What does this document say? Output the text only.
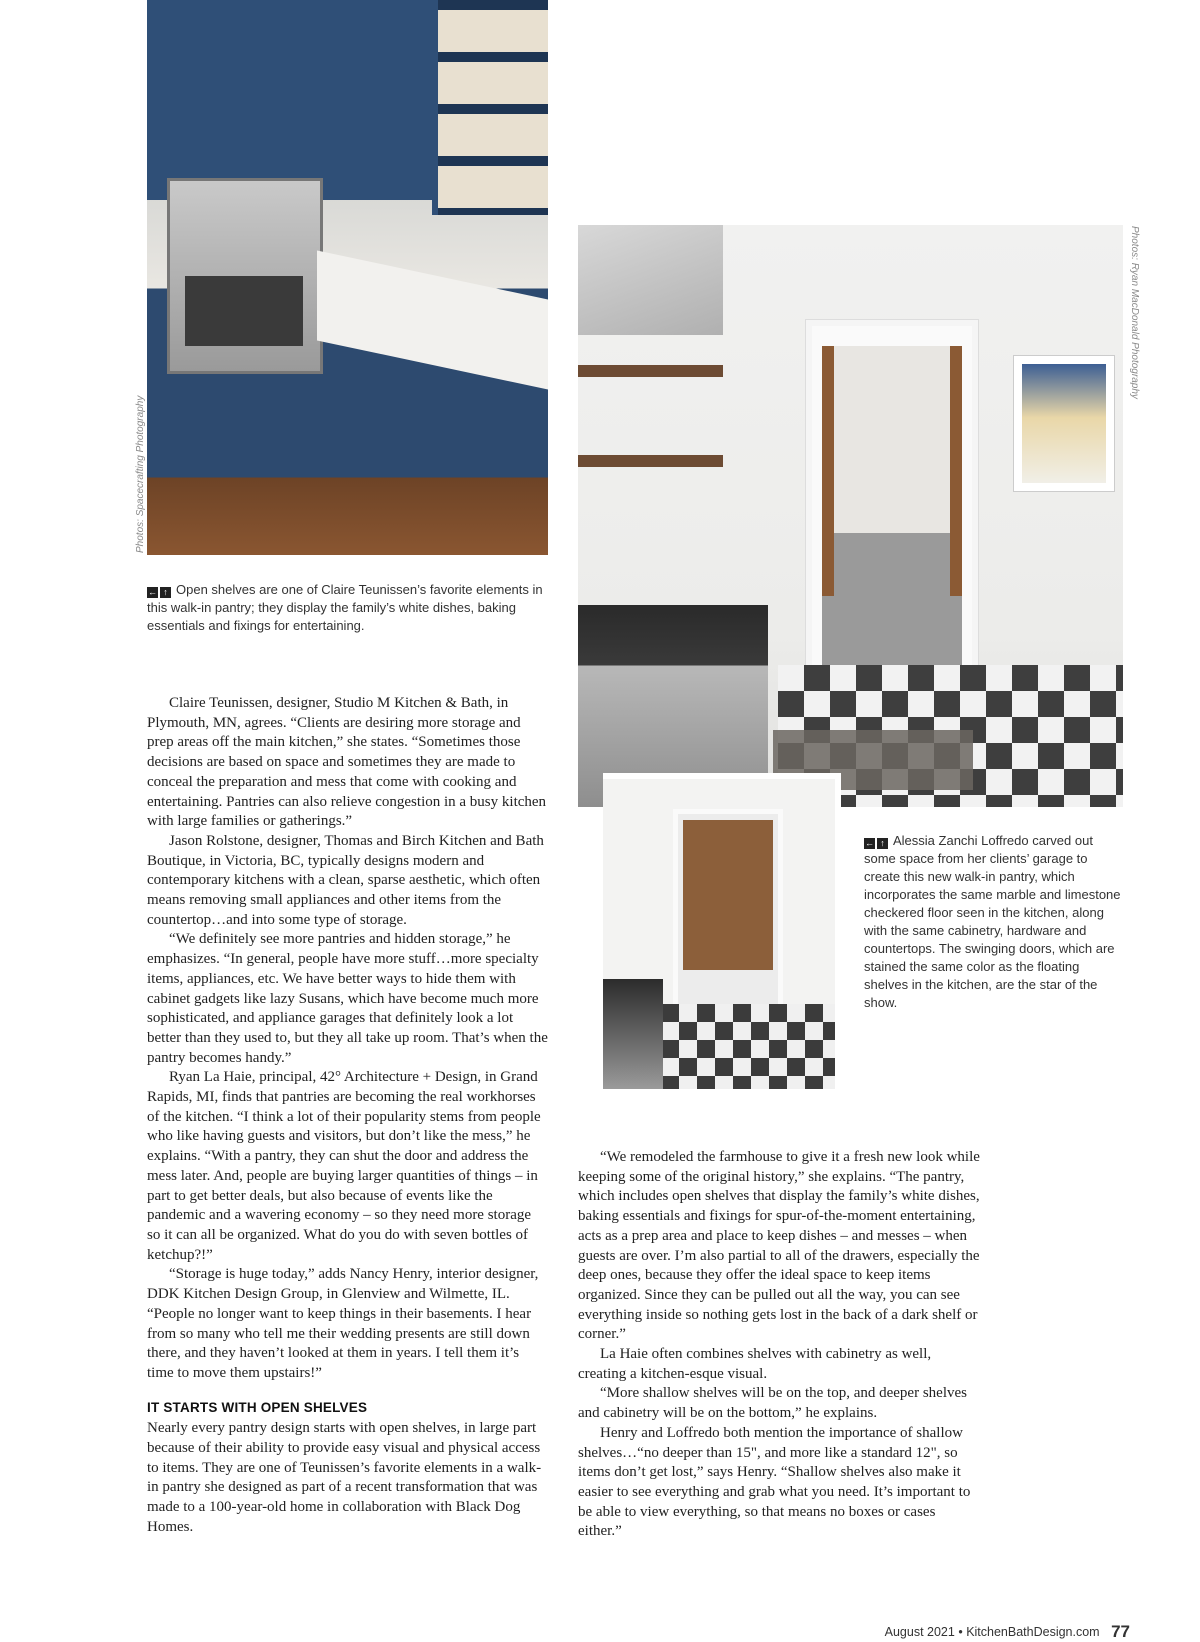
Photos: Spacecrafting Photography
Photos: Ryan MacDonald Photography
← ↑ Open shelves are one of Claire Teunissen’s favorite elements in this walk-in pantry; they display the family’s white dishes, baking essentials and fixings for entertaining.
← ↑ Alessia Zanchi Loffredo carved out some space from her clients’ garage to create this new walk-in pantry, which incorporates the same marble and limestone checkered floor seen in the kitchen, along with the same cabinetry, hardware and countertops. The swinging doors, which are stained the same color as the floating shelves in the kitchen, are the star of the show.

Claire Teunissen, designer, Studio M Kitchen & Bath, in Plymouth, MN, agrees. “Clients are desiring more storage and prep areas off the main kitchen,” she states. “Sometimes those decisions are based on space and sometimes they are made to conceal the preparation and mess that come with cooking and entertaining. Pantries can also relieve congestion in a busy kitchen with large families or gatherings.”

Jason Rolstone, designer, Thomas and Birch Kitchen and Bath Boutique, in Victoria, BC, typically designs modern and contemporary kitchens with a clean, sparse aesthetic, which often means removing small appliances and other items from the countertop…and into some type of storage.

“We definitely see more pantries and hidden storage,” he emphasizes. “In general, people have more stuff…more specialty items, appliances, etc. We have better ways to hide them with cabinet gadgets like lazy Susans, which have become much more sophisticated, and appliance garages that definitely look a lot better than they used to, but they all take up room. That’s when the pantry becomes handy.”

Ryan La Haie, principal, 42° Architecture + Design, in Grand Rapids, MI, finds that pantries are becoming the real workhorses of the kitchen. “I think a lot of their popularity stems from people who like having guests and visitors, but don’t like the mess,” he explains. “With a pantry, they can shut the door and address the mess later. And, people are buying larger quantities of things – in part to get better deals, but also because of events like the pandemic and a wavering economy – so they need more storage so it can all be organized. What do you do with seven bottles of ketchup?!”

“Storage is huge today,” adds Nancy Henry, interior designer, DDK Kitchen Design Group, in Glenview and Wilmette, IL. “People no longer want to keep things in their basements. I hear from so many who tell me their wedding presents are still down there, and they haven’t looked at them in years. I tell them it’s time to move them upstairs!”

IT STARTS WITH OPEN SHELVES

Nearly every pantry design starts with open shelves, in large part because of their ability to provide easy visual and physical access to items. They are one of Teunissen’s favorite elements in a walk-in pantry she designed as part of a recent transformation that was made to a 100-year-old home in collaboration with Black Dog Homes.

“We remodeled the farmhouse to give it a fresh new look while keeping some of the original history,” she explains. “The pantry, which includes open shelves that display the family’s white dishes, baking essentials and fixings for spur-of-the-moment entertaining, acts as a prep area and place to keep dishes – and messes – when guests are over. I’m also partial to all of the drawers, especially the deep ones, because they offer the ideal space to keep items organized. Since they can be pulled out all the way, you can see everything inside so nothing gets lost in the back of a dark shelf or corner.”

La Haie often combines shelves with cabinetry as well, creating a kitchen-esque visual.

“More shallow shelves will be on the top, and deeper shelves and cabinetry will be on the bottom,” he explains.

Henry and Loffredo both mention the importance of shallow shelves…“no deeper than 15", and more like a standard 12", so items don’t get lost,” says Henry. “Shallow shelves also make it easier to see everything and grab what you need. It’s important to be able to view everything, so that means no boxes or cases either.”

August 2021 • KitchenBathDesign.com 77
